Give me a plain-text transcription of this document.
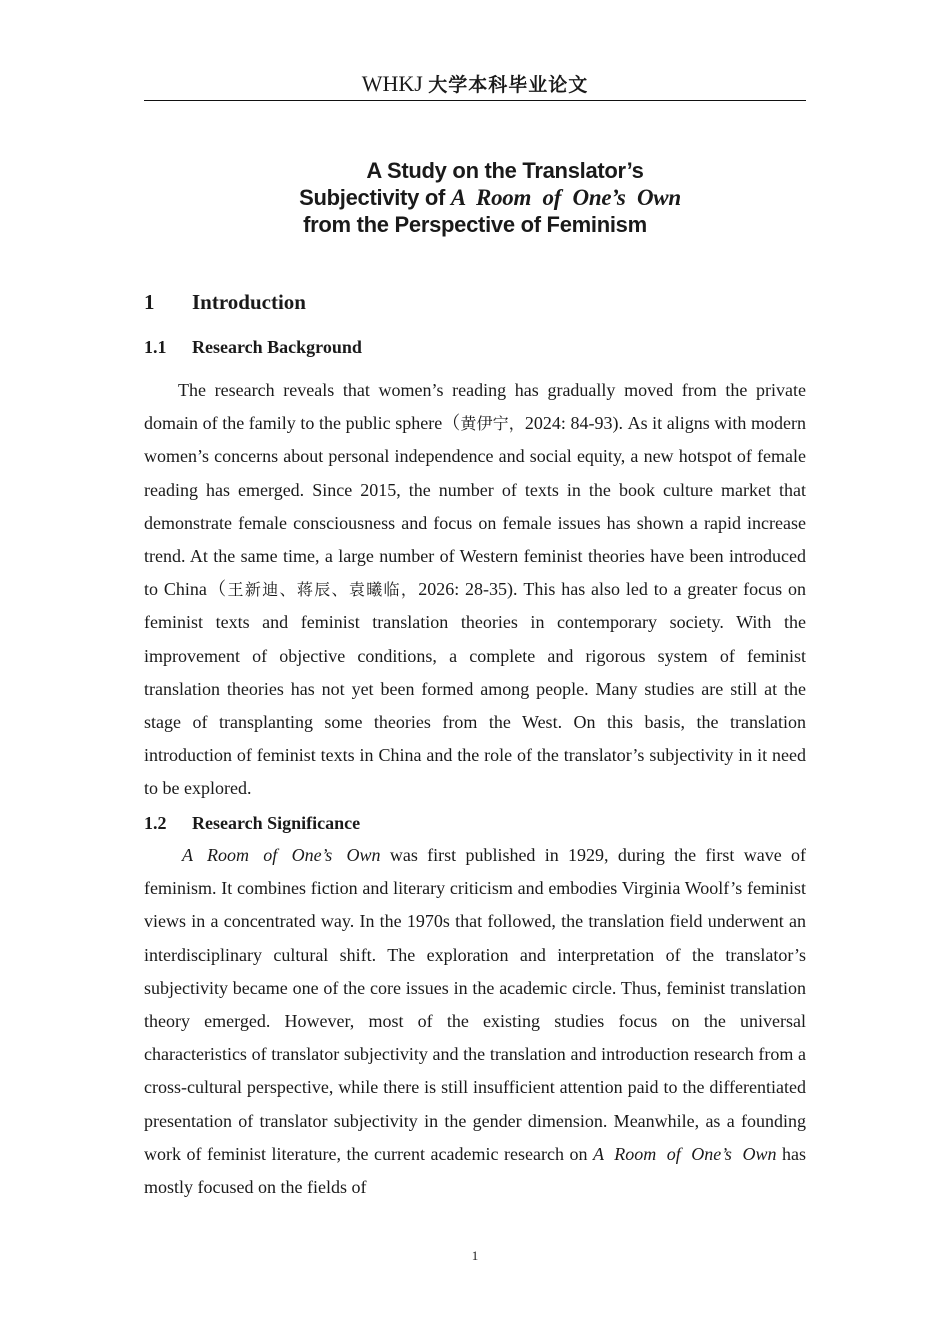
WHKJ 大学本科毕业论文
A Study on the Translator’s
Subjectivity of A Room of One’s Own
from the Perspective of Feminism
1 Introduction
1.1 Research Background

The research reveals that women’s reading has gradually moved from the private domain of the family to the public sphere（黄伊宁，2024: 84-93). As it aligns with modern women’s concerns about personal independence and social equity, a new hotspot of female reading has emerged. Since 2015, the number of texts in the book culture market that demonstrate female consciousness and focus on female issues has shown a rapid increase trend. At the same time, a large number of Western feminist theories have been introduced to China（王新迪、蒋辰、袁曦临，2026: 28-35). This has also led to a greater focus on feminist texts and feminist translation theories in contemporary society. With the improvement of objective conditions, a complete and rigorous system of feminist translation theories has not yet been formed among people. Many studies are still at the stage of transplanting some theories from the West. On this basis, the translation introduction of feminist texts in China and the role of the translator’s subjectivity in it need to be explored.

1.2 Research Significance

A Room of One’s Own was first published in 1929, during the first wave of feminism. It combines fiction and literary criticism and embodies Virginia Woolf’s feminist views in a concentrated way. In the 1970s that followed, the translation field underwent an interdisciplinary cultural shift. The exploration and interpretation of the translator’s subjectivity became one of the core issues in the academic circle. Thus, feminist translation theory emerged. However, most of the existing studies focus on the universal characteristics of translator subjectivity and the translation and introduction research from a cross-cultural perspective, while there is still insufficient attention paid to the differentiated presentation of translator subjectivity in the gender dimension. Meanwhile, as a founding work of feminist literature, the current academic research on A Room of One’s Own has mostly focused on the fields of

1
